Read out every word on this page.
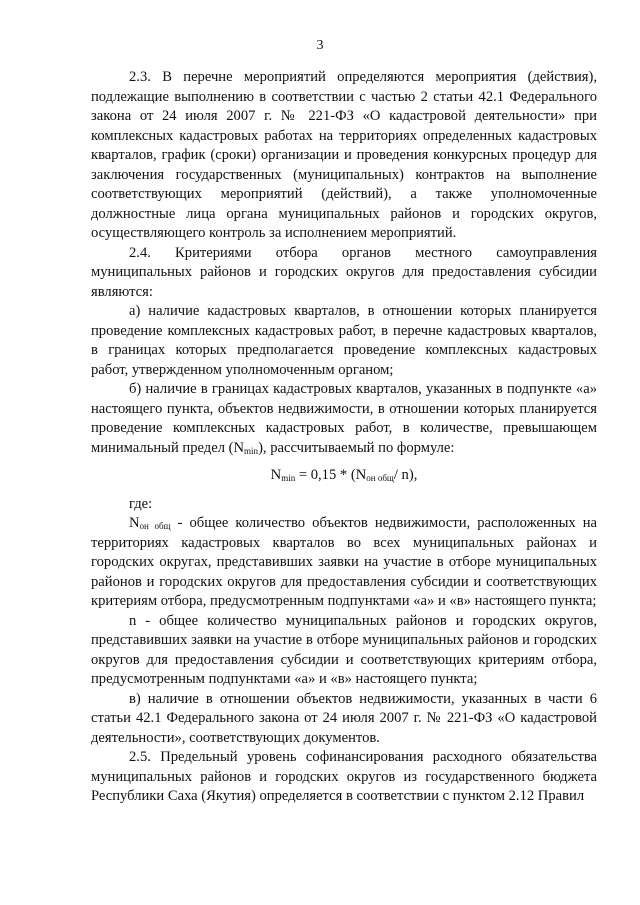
3

2.3. В перечне мероприятий определяются мероприятия (действия), подлежащие выполнению в соответствии с частью 2 статьи 42.1 Федерального закона от 24 июля 2007 г. № 221-ФЗ «О кадастровой деятельности» при комплексных кадастровых работах на территориях определенных кадастровых кварталов, график (сроки) организации и проведения конкурсных процедур для заключения государственных (муниципальных) контрактов на выполнение соответствующих мероприятий (действий), а также уполномоченные должностные лица органа муниципальных районов и городских округов, осуществляющего контроль за исполнением мероприятий.

2.4. Критериями отбора органов местного самоуправления муниципальных районов и городских округов для предоставления субсидии являются:

а) наличие кадастровых кварталов, в отношении которых планируется проведение комплексных кадастровых работ, в перечне кадастровых кварталов, в границах которых предполагается проведение комплексных кадастровых работ, утвержденном уполномоченным органом;

б) наличие в границах кадастровых кварталов, указанных в подпункте «а» настоящего пункта, объектов недвижимости, в отношении которых планируется проведение комплексных кадастровых работ, в количестве, превышающем минимальный предел $(N_{min})$, рассчитываемый по формуле:

$N_{min} = 0,15 * (N_{он общ}/$ n),

где:

$N_{он общ}$ - общее количество объектов недвижимости, расположенных на территориях кадастровых кварталов во всех муниципальных районах и городских округах, представивших заявки на участие в отборе муниципальных районов и городских округов для предоставления субсидии и соответствующих критериям отбора, предусмотренным подпунктами «а» и «в» настоящего пункта;

n - общее количество муниципальных районов и городских округов, представивших заявки на участие в отборе муниципальных районов и городских округов для предоставления субсидии и соответствующих критериям отбора, предусмотренным подпунктами «а» и «в» настоящего пункта;

в) наличие в отношении объектов недвижимости, указанных в части 6 статьи 42.1 Федерального закона от 24 июля 2007 г. № 221-ФЗ «О кадастровой деятельности», соответствующих документов.

2.5. Предельный уровень софинансирования расходного обязательства муниципальных районов и городских округов из государственного бюджета Республики Саха (Якутия) определяется в соответствии с пунктом 2.12 Правил
